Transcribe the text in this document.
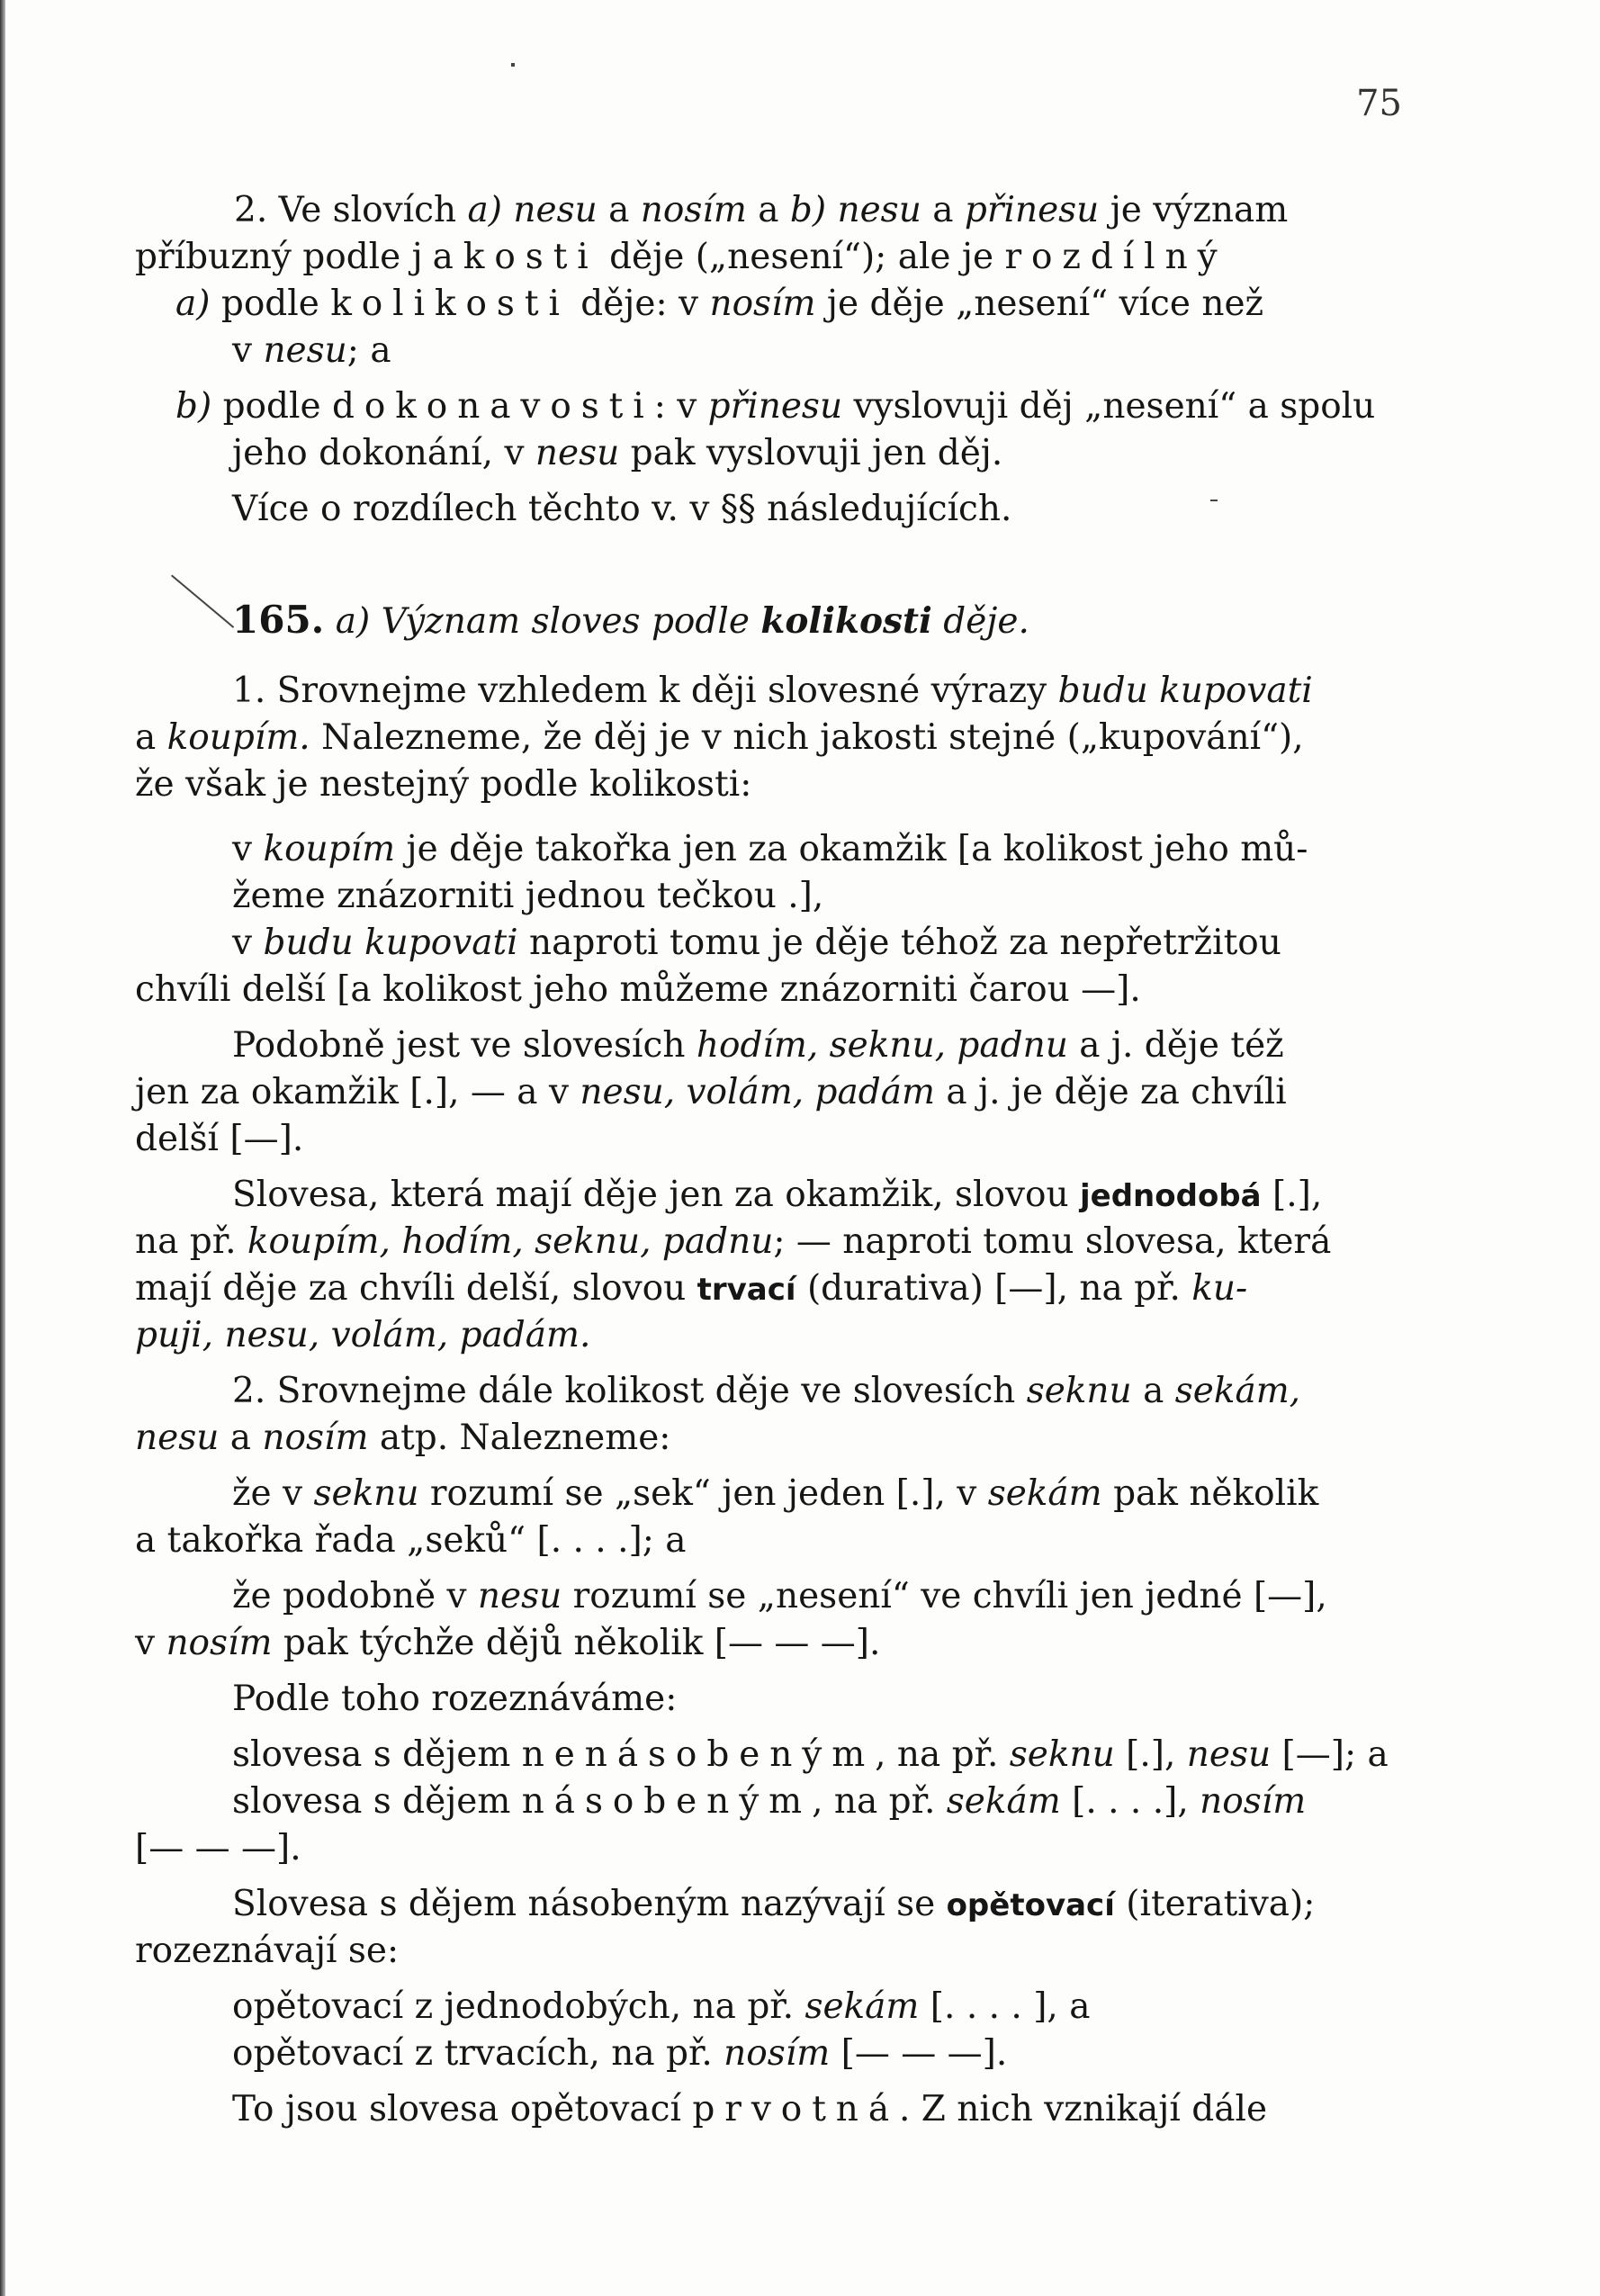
75
2. Ve slovích a) nesu a nosím a b) nesu a přinesu je význam
příbuzný podle jakosti děje („nesení“); ale je rozdílný
a) podle kolikosti děje: v nosím je děje „nesení“ více než
v nesu; a
b) podle dokonavosti: v přinesu vyslovuji děj „nesení“ a spolu
jeho dokonání, v nesu pak vyslovuji jen děj.
Více o rozdílech těchto v. v §§ následujících.
165. a) Význam sloves podle kolikosti děje.
1. Srovnejme vzhledem k ději slovesné výrazy budu kupovati
a koupím. Nalezneme, že děj je v nich jakosti stejné („kupování“),
že však je nestejný podle kolikosti:
v koupím je děje takořka jen za okamžik [a kolikost jeho mů-
žeme znázorniti jednou tečkou .],
v budu kupovati naproti tomu je děje téhož za nepřetržitou
chvíli delší [a kolikost jeho můžeme znázorniti čarou —].
Podobně jest ve slovesích hodím, seknu, padnu a j. děje též
jen za okamžik [.], — a v nesu, volám, padám a j. je děje za chvíli
delší [—].
Slovesa, která mají děje jen za okamžik, slovou jednodobá [.],
na př. koupím, hodím, seknu, padnu; — naproti tomu slovesa, která
mají děje za chvíli delší, slovou trvací (durativa) [—], na př. ku-
puji, nesu, volám, padám.
2. Srovnejme dále kolikost děje ve slovesích seknu a sekám,
nesu a nosím atp. Nalezneme:
že v seknu rozumí se „sek“ jen jeden [.], v sekám pak několik
a takořka řada „seků“ [. . . .]; a
že podobně v nesu rozumí se „nesení“ ve chvíli jen jedné [—],
v nosím pak týchže dějů několik [— — —].
Podle toho rozeznáváme:
slovesa s dějem nenásobeným, na př. seknu [.], nesu [—]; a
slovesa s dějem násobeným, na př. sekám [. . . .], nosím
[— — —].
Slovesa s dějem násobeným nazývají se opětovací (iterativa);
rozeznávají se:
opětovací z jednodobých, na př. sekám [. . . . ], a
opětovací z trvacích, na př. nosím [— — —].
To jsou slovesa opětovací prvotná. Z nich vznikají dále
